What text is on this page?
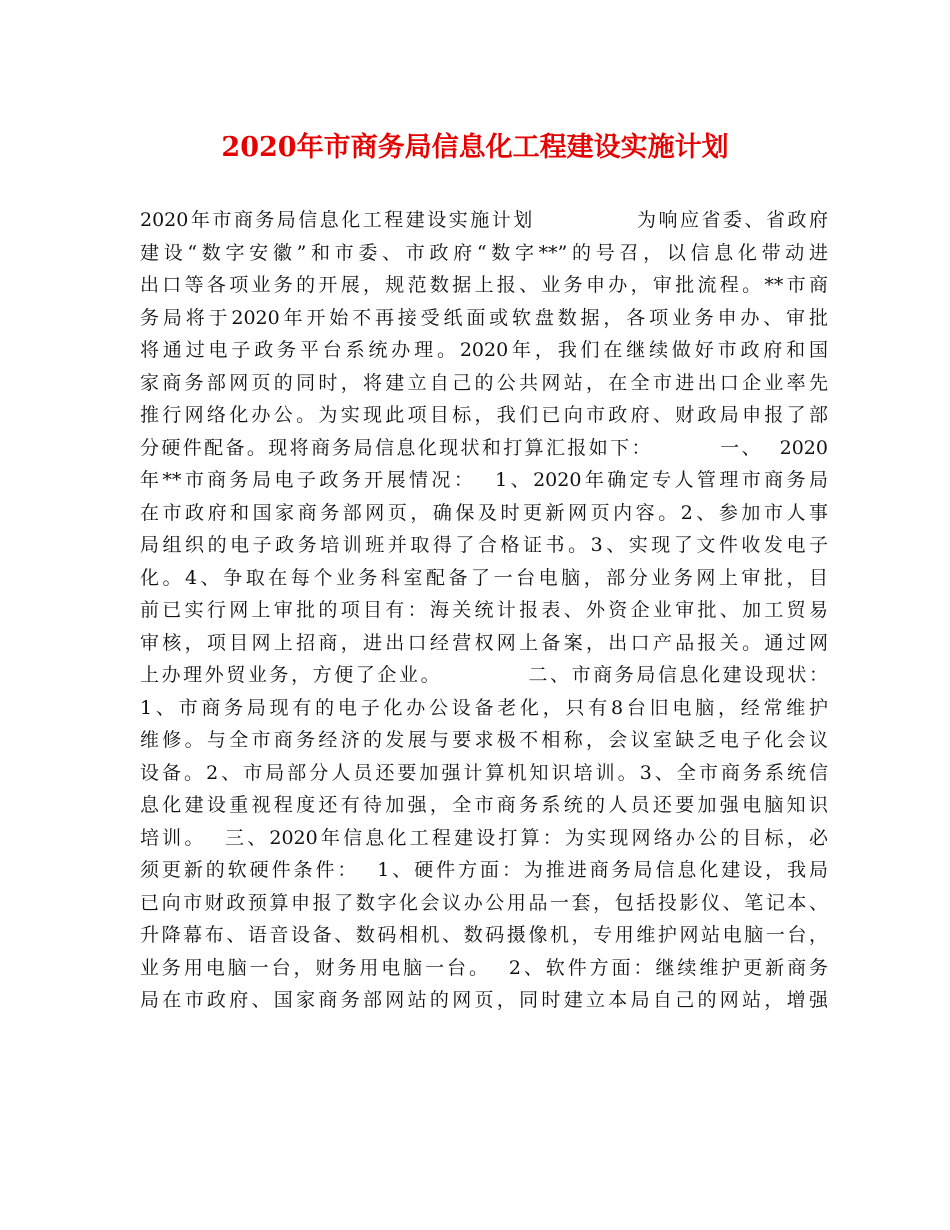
2020年市商务局信息化工程建设实施计划
2020年市商务局信息化工程建设实施计划            为响应省委、省政府
建设“数字安徽”和市委、市政府“数字**”的号召，以信息化带动进
出口等各项业务的开展，规范数据上报、业务申办，审批流程。**市商
务局将于2020年开始不再接受纸面或软盘数据，各项业务申办、审批
将通过电子政务平台系统办理。2020年，我们在继续做好市政府和国
家商务部网页的同时，将建立自己的公共网站，在全市进出口企业率先
推行网络化办公。为实现此项目标，我们已向市政府、财政局申报了部
分硬件配备。现将商务局信息化现状和打算汇报如下：        一、  2020
年**市商务局电子政务开展情况：  1、2020年确定专人管理市商务局
在市政府和国家商务部网页，确保及时更新网页内容。2、参加市人事
局组织的电子政务培训班并取得了合格证书。3、实现了文件收发电子
化。4、争取在每个业务科室配备了一台电脑，部分业务网上审批，目
前已实行网上审批的项目有：海关统计报表、外资企业审批、加工贸易
审核，项目网上招商，进出口经营权网上备案，出口产品报关。通过网
上办理外贸业务，方便了企业。          二、市商务局信息化建设现状：
1、市商务局现有的电子化办公设备老化，只有8台旧电脑，经常维护
维修。与全市商务经济的发展与要求极不相称，会议室缺乏电子化会议
设备。2、市局部分人员还要加强计算机知识培训。3、全市商务系统信
息化建设重视程度还有待加强，全市商务系统的人员还要加强电脑知识
培训。  三、2020年信息化工程建设打算：为实现网络办公的目标，必
须更新的软硬件条件：  1、硬件方面：为推进商务局信息化建设，我局
已向市财政预算申报了数字化会议办公用品一套，包括投影仪、笔记本、
升降幕布、语音设备、数码相机、数码摄像机，专用维护网站电脑一台，
业务用电脑一台，财务用电脑一台。  2、软件方面：继续维护更新商务
局在市政府、国家商务部网站的网页，同时建立本局自己的网站，增强
